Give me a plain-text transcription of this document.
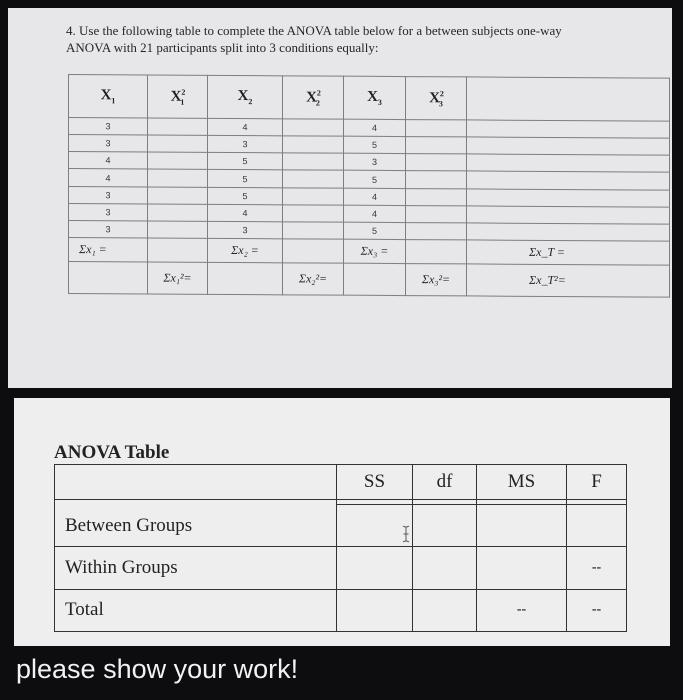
4. Use the following table to complete the ANOVA table below for a between subjects one-way
ANOVA with 21 participants split into 3 conditions equally:
$X_1$	$X^2_1$	$X_2$	$X^2_2$	$X_3$	$X^2_3$	
3		4		4		
3		3		5		
4		5		3		
4		5		5		
3		5		4		
3		4		4		
3		3		5		
Σx₁ =		Σx₂ =		Σx₃ =		Σx_T =
	Σx₁²=		Σx₂²=		Σx₃²=	Σx_T²=
ANOVA Table
	SS	df	MS	F

Between Groups				
Within Groups				--
Total			--	--
please show your work!
